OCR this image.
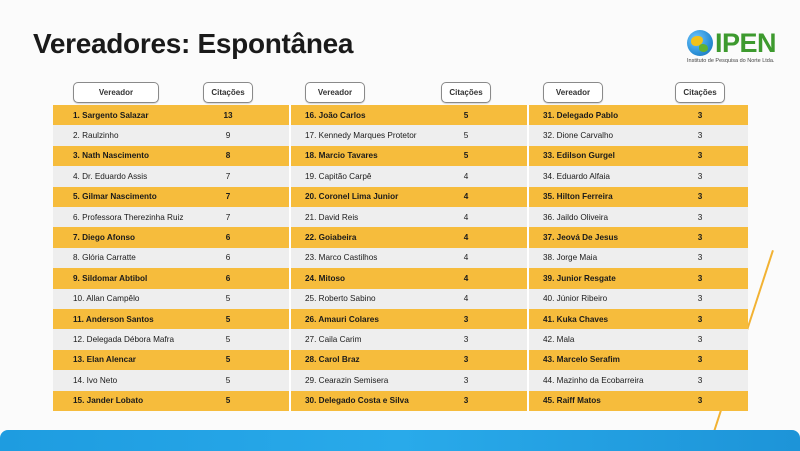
Vereadores: Espontânea	IPEN
Instituto de Pesquisa do Norte Ltda.
Vereador	Citações	Vereador	Citações	Vereador	Citações
1. Sargento Salazar	13	16. João Carlos	5	31. Delegado Pablo	3
2. Raulzinho	9	17. Kennedy Marques Protetor	5	32. Dione Carvalho	3
3. Nath Nascimento	8	18. Marcio Tavares	5	33. Edilson Gurgel	3
4. Dr. Eduardo Assis	7	19. Capitão Carpê	4	34. Eduardo Alfaia	3
5. Gilmar Nascimento	7	20. Coronel Lima Junior	4	35. Hilton Ferreira	3
6. Professora Therezinha Ruiz	7	21. David Reis	4	36. Jaildo Oliveira	3
7. Diego Afonso	6	22. Goiabeira	4	37. Jeová De Jesus	3
8. Glória Carratte	6	23. Marco Castilhos	4	38. Jorge Maia	3
9. Sildomar Abtibol	6	24. Mitoso	4	39. Junior Resgate	3
10. Allan Campêlo	5	25. Roberto Sabino	4	40. Júnior Ribeiro	3
11. Anderson Santos	5	26. Amauri Colares	3	41. Kuka Chaves	3
12. Delegada Débora Mafra	5	27. Caila Carim	3	42. Mala	3
13. Elan Alencar	5	28. Carol Braz	3	43. Marcelo Serafim	3
14. Ivo Neto	5	29. Cearazin Semisera	3	44. Mazinho da Ecobarreira	3
15. Jander Lobato	5	30. Delegado Costa e Silva	3	45. Raiff Matos	3
